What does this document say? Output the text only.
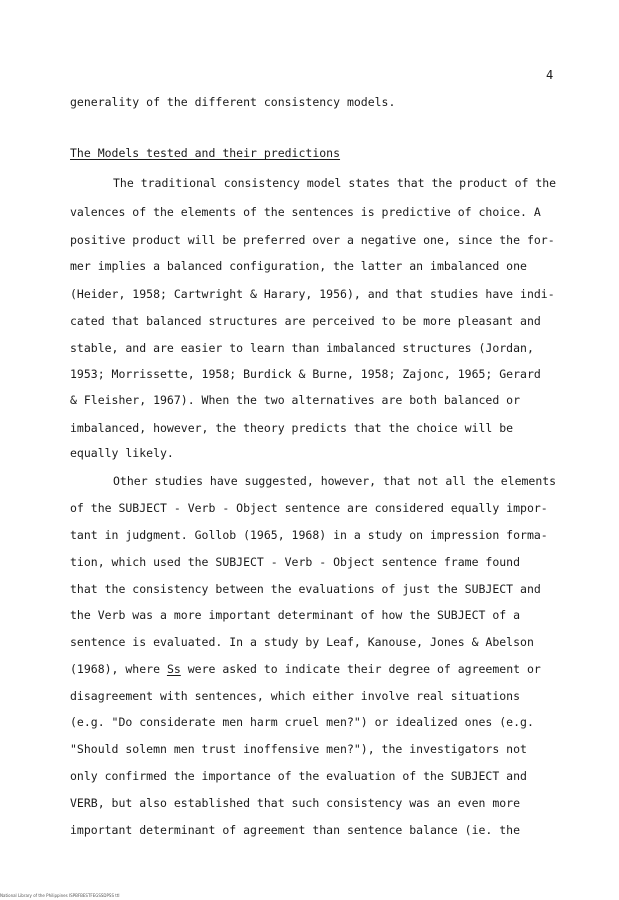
4
generality of the different consistency models.
The Models tested and their predictions
The traditional consistency model states that the product of the
valences of the elements of the sentences is predictive of choice. A
positive product will be preferred over a negative one, since the for-
mer implies a balanced configuration, the latter an imbalanced one
(Heider, 1958; Cartwright & Harary, 1956), and that studies have indi-
cated that balanced structures are perceived to be more pleasant and
stable, and are easier to learn than imbalanced structures (Jordan,
1953; Morrissette, 1958; Burdick & Burne, 1958; Zajonc, 1965; Gerard
& Fleisher, 1967). When the two alternatives are both balanced or
imbalanced, however, the theory predicts that the choice will be
equally likely.
Other studies have suggested, however, that not all the elements
of the SUBJECT - Verb - Object sentence are considered equally impor-
tant in judgment. Gollob (1965, 1968) in a study on impression forma-
tion, which used the SUBJECT - Verb - Object sentence frame found
that the consistency between the evaluations of just the SUBJECT and
the Verb was a more important determinant of how the SUBJECT of a
sentence is evaluated. In a study by Leaf, Kanouse, Jones & Abelson
(1968), where Ss were asked to indicate their degree of agreement or
disagreement with sentences, which either involve real situations
(e.g. "Do considerate men harm cruel men?") or idealized ones (e.g.
"Should solemn men trust inoffensive men?"), the investigators not
only confirmed the importance of the evaluation of the SUBJECT and
VERB, but also established that such consistency was an even more
important determinant of agreement than sentence balance (ie. the
National Library of the Philippines ISPBFBESTFEGSSDPSS ttl
